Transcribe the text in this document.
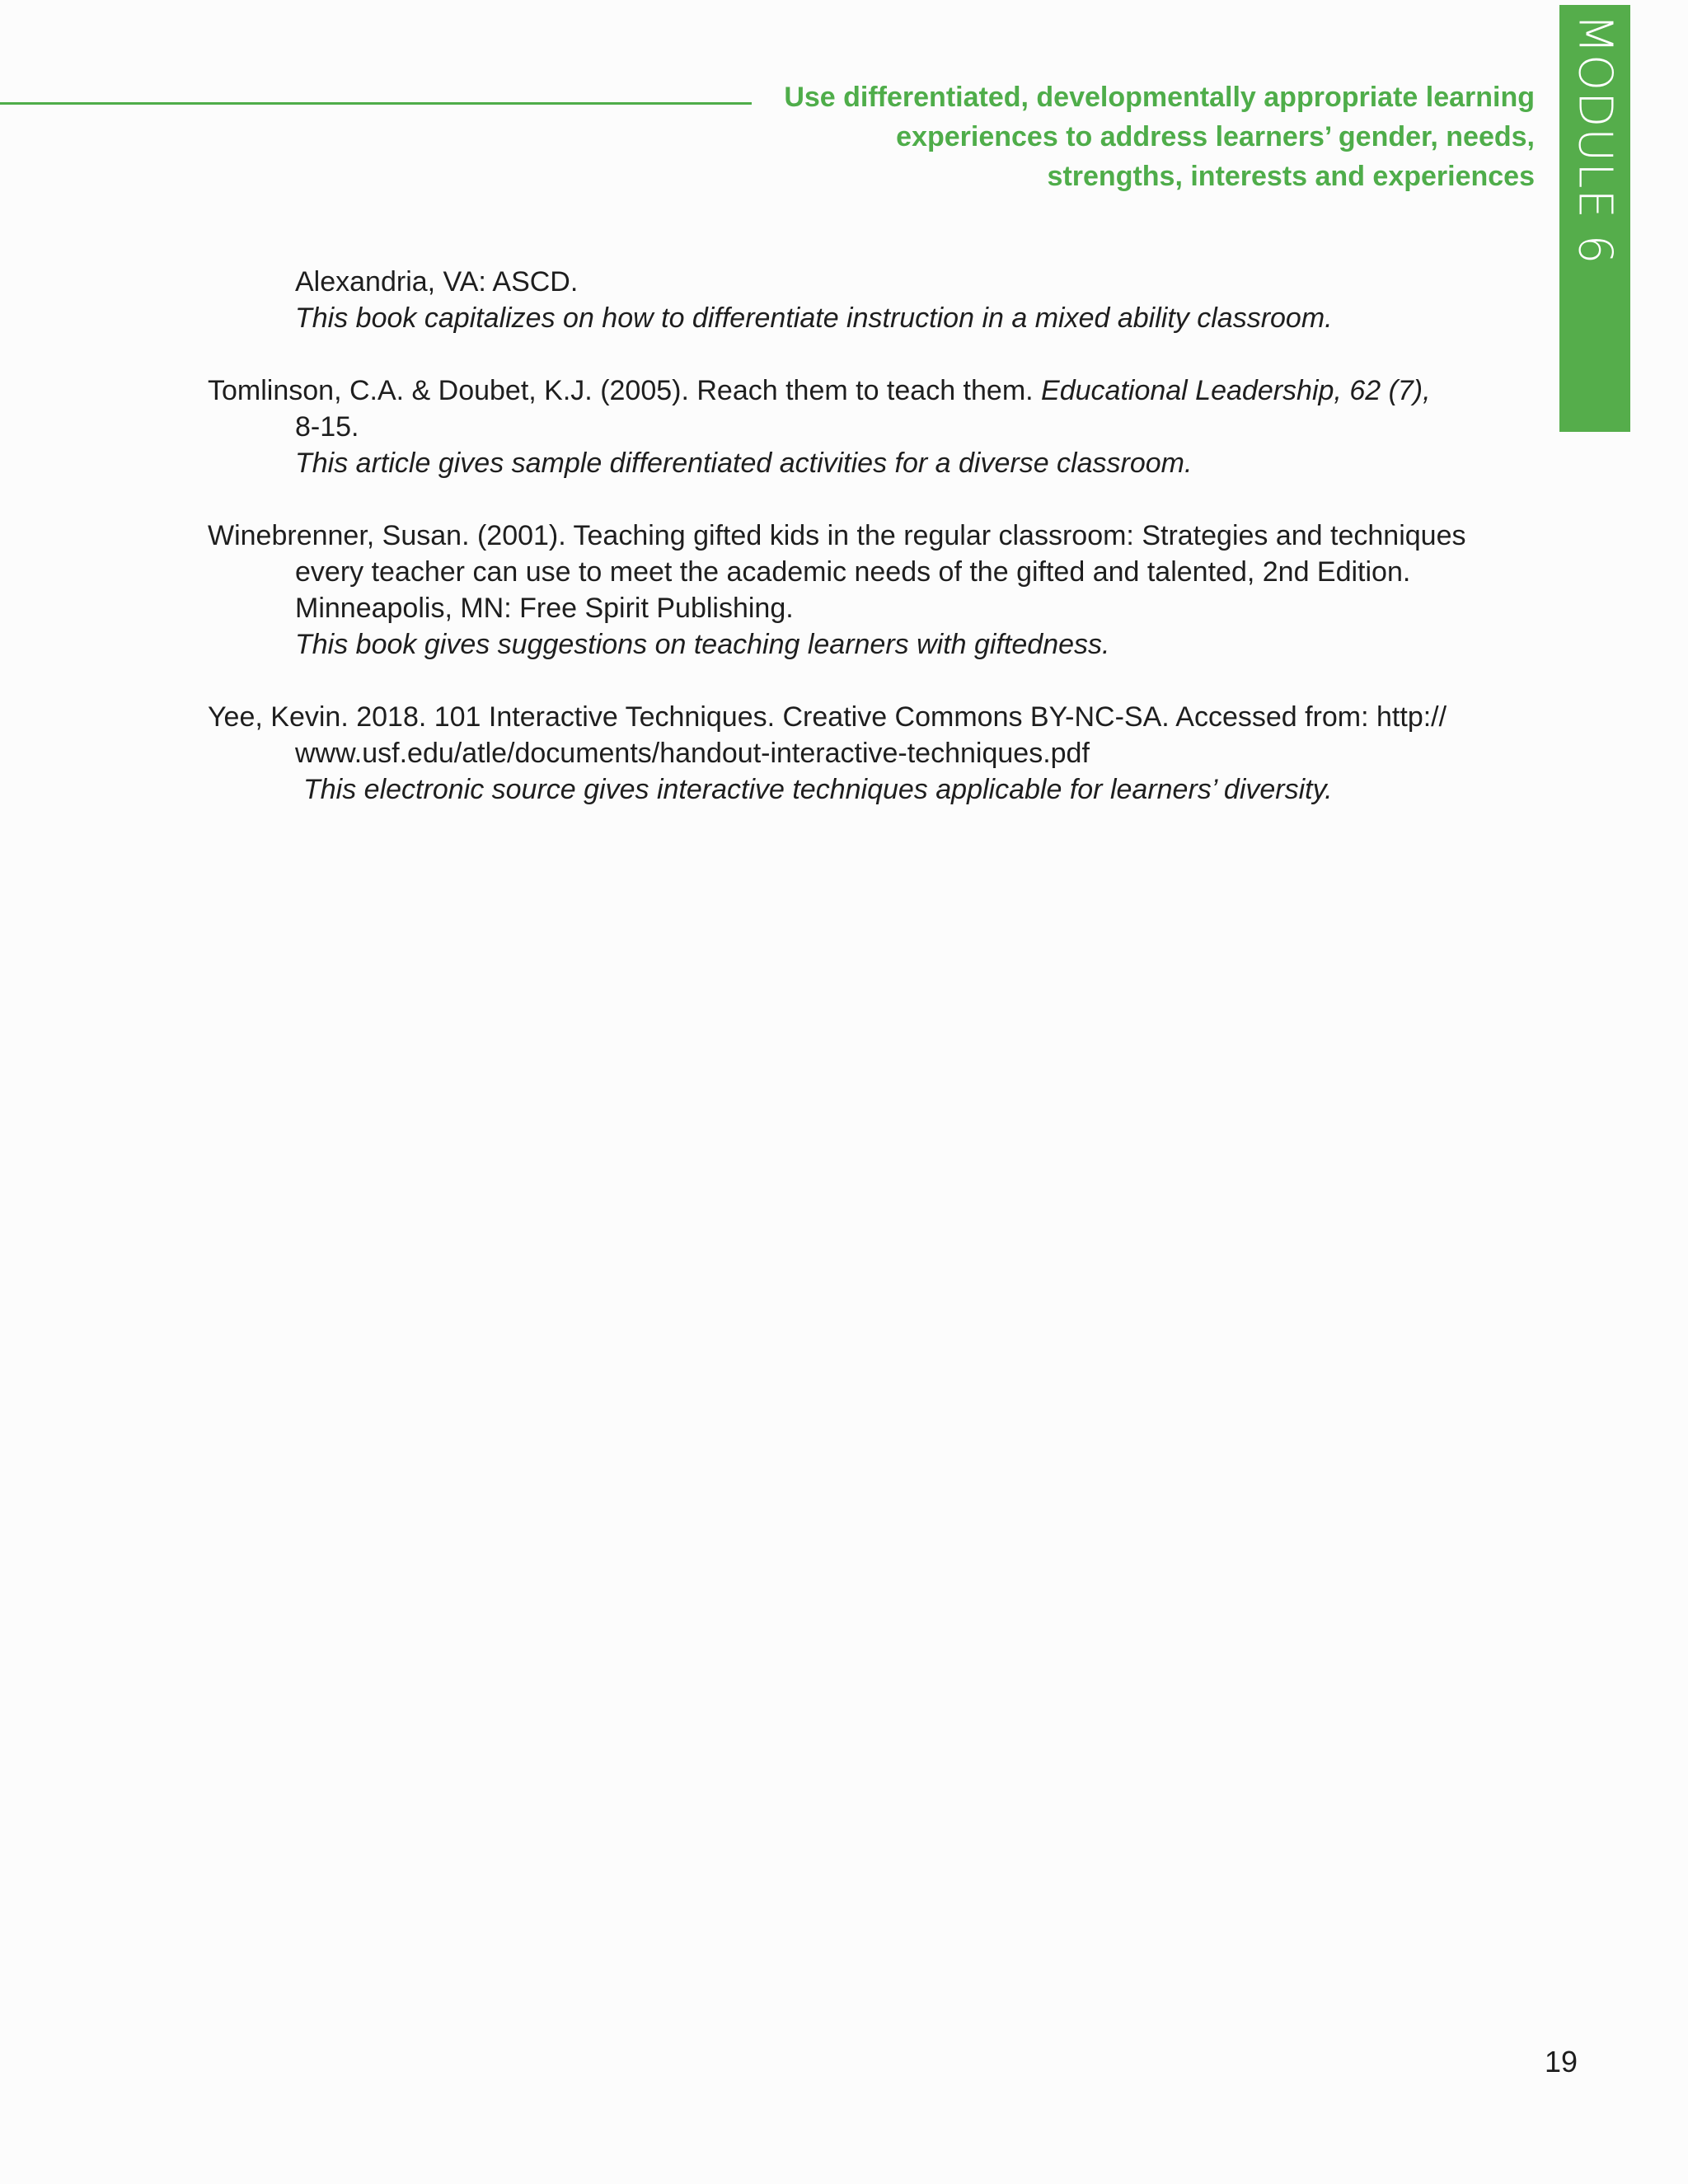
MODULE 6
Use differentiated, developmentally appropriate learning
experiences to address learners’ gender, needs,
strengths, interests and experiences
Alexandria, VA: ASCD.
This book capitalizes on how to differentiate instruction in a mixed ability classroom.
Tomlinson, C.A. & Doubet, K.J. (2005). Reach them to teach them. Educational Leadership, 62 (7),
8-15.
This article gives sample differentiated activities for a diverse classroom.
Winebrenner, Susan. (2001). Teaching gifted kids in the regular classroom: Strategies and techniques
every teacher can use to meet the academic needs of the gifted and talented, 2nd Edition.
Minneapolis, MN: Free Spirit Publishing.
This book gives suggestions on teaching learners with giftedness.
Yee, Kevin. 2018. 101 Interactive Techniques. Creative Commons BY-NC-SA. Accessed from: http://
www.usf.edu/atle/documents/handout-interactive-techniques.pdf
This electronic source gives interactive techniques applicable for learners’ diversity.
19
